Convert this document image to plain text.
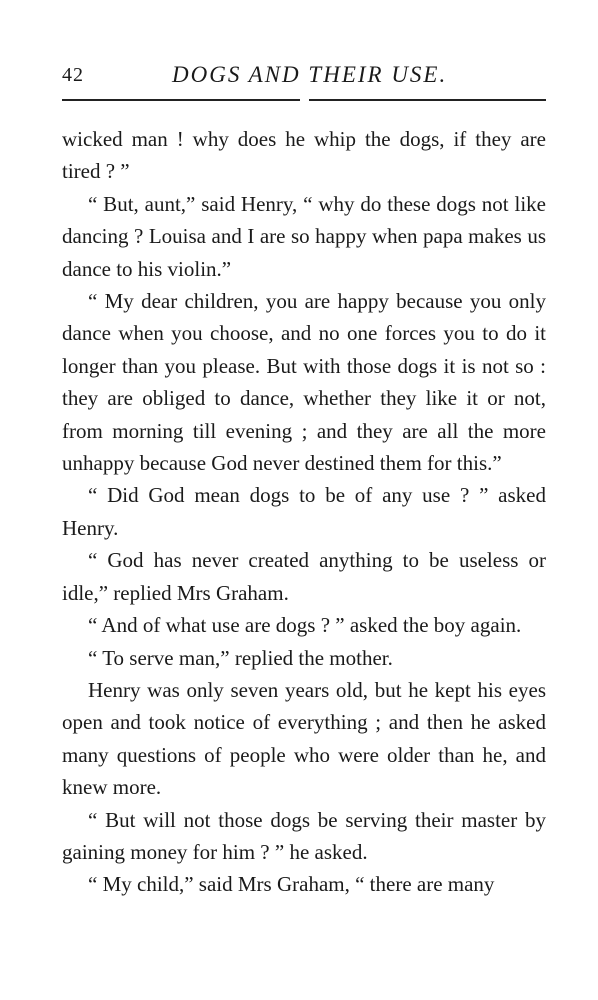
42	DOGS AND THEIR USE.

wicked man ! why does he whip the dogs, if they are tired ? ”

“ But, aunt,” said Henry, “ why do these dogs not like dancing ? Louisa and I are so happy when papa makes us dance to his violin.”

“ My dear children, you are happy because you only dance when you choose, and no one forces you to do it longer than you please. But with those dogs it is not so : they are obliged to dance, whether they like it or not, from morning till evening ; and they are all the more unhappy because God never destined them for this.”

“ Did God mean dogs to be of any use ? ” asked Henry.

“ God has never created anything to be useless or idle,” replied Mrs Graham.

“ And of what use are dogs ? ” asked the boy again.

“ To serve man,” replied the mother.

Henry was only seven years old, but he kept his eyes open and took notice of everything ; and then he asked many questions of people who were older than he, and knew more.

“ But will not those dogs be serving their master by gaining money for him ? ” he asked.

“ My child,” said Mrs Graham, “ there are many
